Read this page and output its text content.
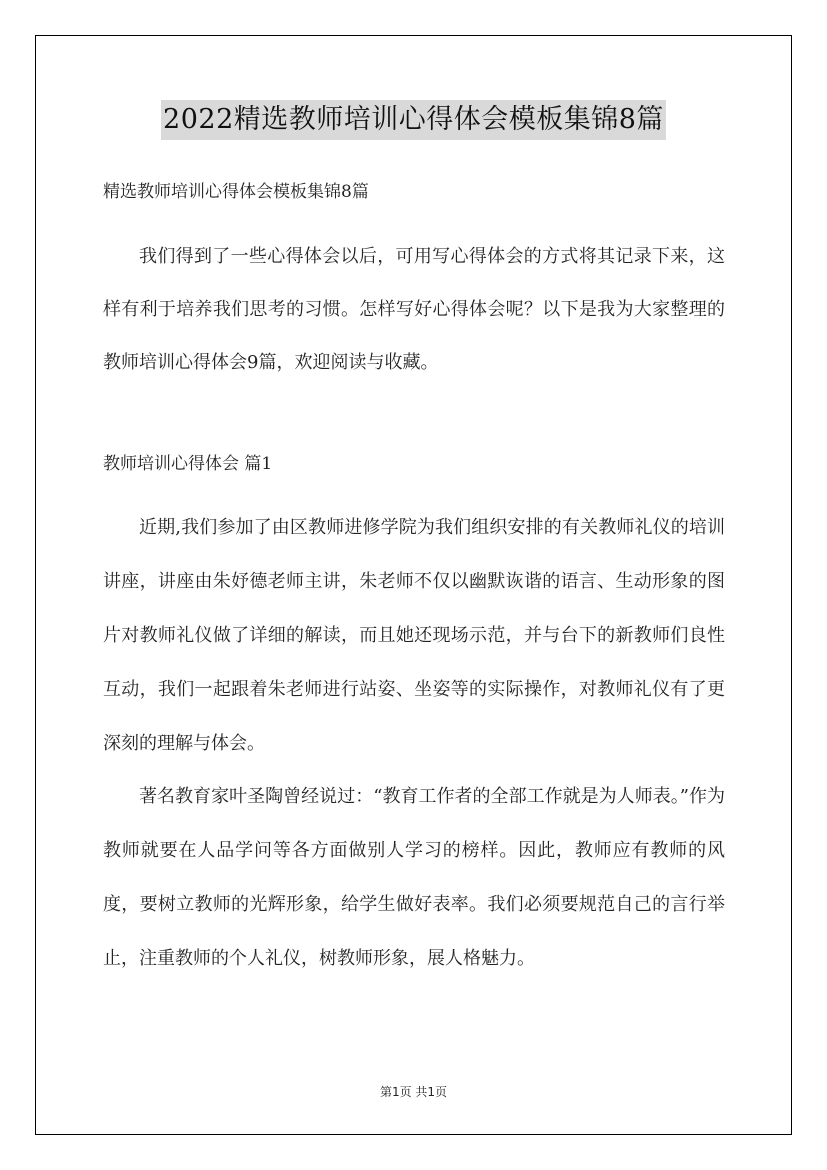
2022精选教师培训心得体会模板集锦8篇
精选教师培训心得体会模板集锦8篇

我们得到了一些心得体会以后，可用写心得体会的方式将其记录下来，这样有利于培养我们思考的习惯。怎样写好心得体会呢？以下是我为大家整理的教师培训心得体会9篇，欢迎阅读与收藏。

教师培训心得体会 篇1

近期,我们参加了由区教师进修学院为我们组织安排的有关教师礼仪的培训讲座，讲座由朱妤德老师主讲，朱老师不仅以幽默诙谐的语言、生动形象的图片对教师礼仪做了详细的解读，而且她还现场示范，并与台下的新教师们良性互动，我们一起跟着朱老师进行站姿、坐姿等的实际操作，对教师礼仪有了更深刻的理解与体会。

著名教育家叶圣陶曾经说过：“教育工作者的全部工作就是为人师表。”作为教师就要在人品学问等各方面做别人学习的榜样。因此，教师应有教师的风度，要树立教师的光辉形象，给学生做好表率。我们必须要规范自己的言行举止，注重教师的个人礼仪，树教师形象，展人格魅力。

第1页 共1页
